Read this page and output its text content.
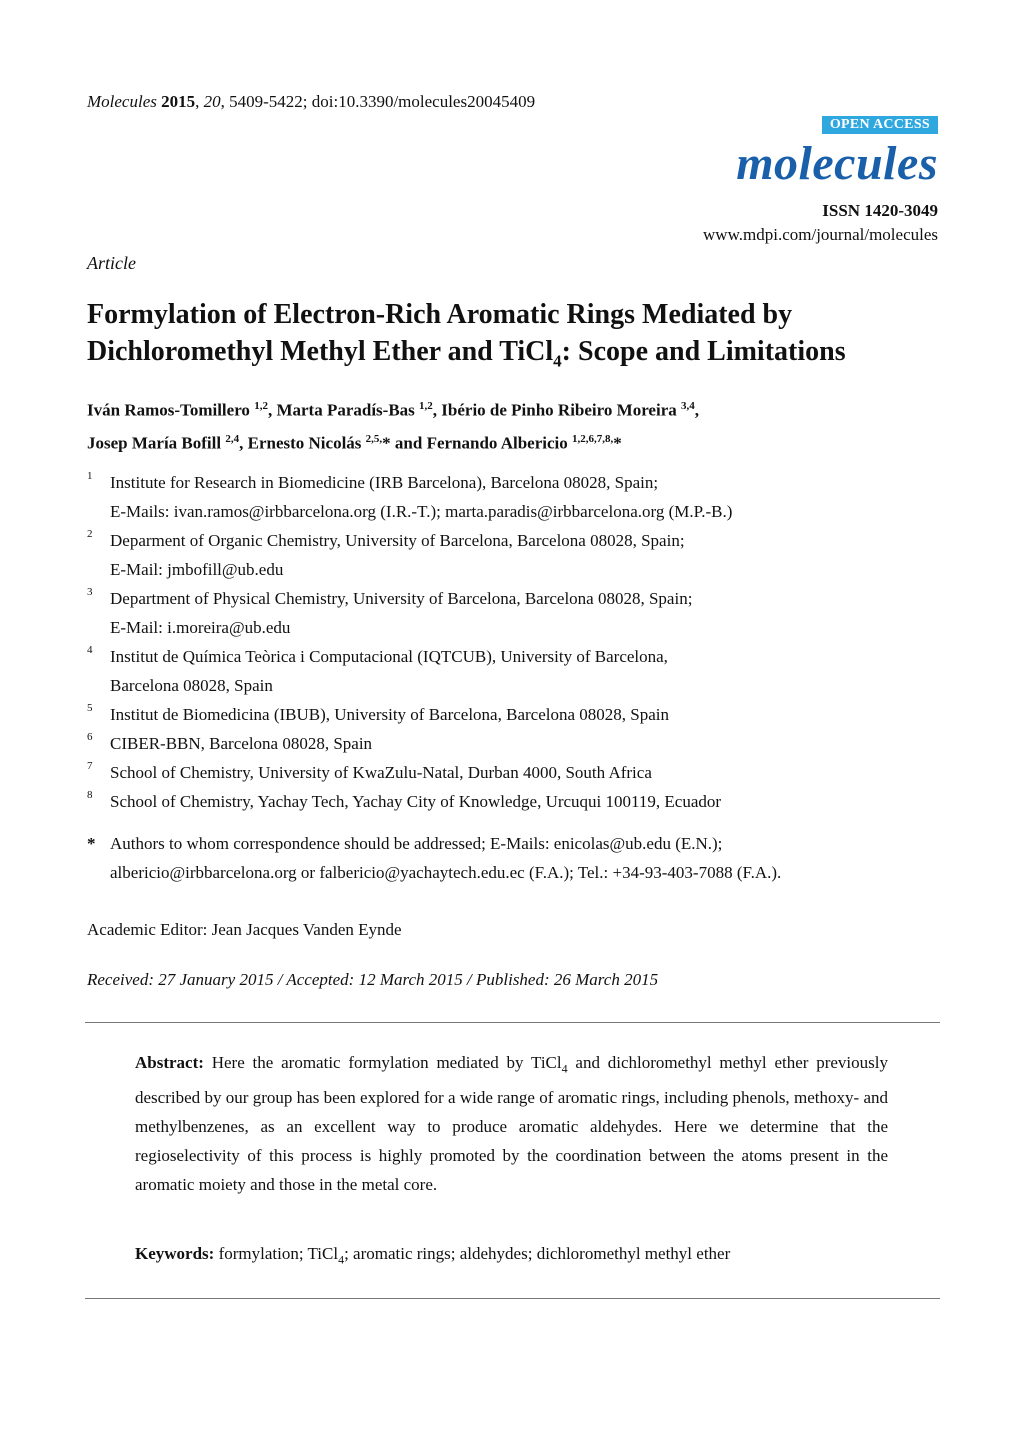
Molecules 2015, 20, 5409-5422; doi:10.3390/molecules20045409
OPEN ACCESS
molecules
ISSN 1420-3049
www.mdpi.com/journal/molecules
Article
Formylation of Electron-Rich Aromatic Rings Mediated by
Dichloromethyl Methyl Ether and TiCl$_4$: Scope and Limitations
Iván Ramos-Tomillero $^{1,2}$, Marta Paradís-Bas $^{1,2}$, Ibério de Pinho Ribeiro Moreira $^{3,4}$,
Josep María Bofill $^{2,4}$, Ernesto Nicolás $^{2,5,}$* and Fernando Albericio $^{1,2,6,7,8,}$*
1 Institute for Research in Biomedicine (IRB Barcelona), Barcelona 08028, Spain;
E-Mails: ivan.ramos@irbbarcelona.org (I.R.-T.); marta.paradis@irbbarcelona.org (M.P.-B.)
2 Deparment of Organic Chemistry, University of Barcelona, Barcelona 08028, Spain;
E-Mail: jmbofill@ub.edu
3 Department of Physical Chemistry, University of Barcelona, Barcelona 08028, Spain;
E-Mail: i.moreira@ub.edu
4 Institut de Química Teòrica i Computacional (IQTCUB), University of Barcelona,
Barcelona 08028, Spain
5 Institut de Biomedicina (IBUB), University of Barcelona, Barcelona 08028, Spain
6 CIBER-BBN, Barcelona 08028, Spain
7 School of Chemistry, University of KwaZulu-Natal, Durban 4000, South Africa
8 School of Chemistry, Yachay Tech, Yachay City of Knowledge, Urcuqui 100119, Ecuador
* Authors to whom correspondence should be addressed; E-Mails: enicolas@ub.edu (E.N.);
albericio@irbbarcelona.org or falbericio@yachaytech.edu.ec (F.A.); Tel.: +34-93-403-7088 (F.A.).
Academic Editor: Jean Jacques Vanden Eynde
Received: 27 January 2015 / Accepted: 12 March 2015 / Published: 26 March 2015
Abstract: Here the aromatic formylation mediated by TiCl$_4$ and dichloromethyl methyl ether previously described by our group has been explored for a wide range of aromatic rings, including phenols, methoxy- and methylbenzenes, as an excellent way to produce aromatic aldehydes. Here we determine that the regioselectivity of this process is highly promoted by the coordination between the atoms present in the aromatic moiety and those in the metal core.
Keywords: formylation; TiCl$_4$; aromatic rings; aldehydes; dichloromethyl methyl ether
